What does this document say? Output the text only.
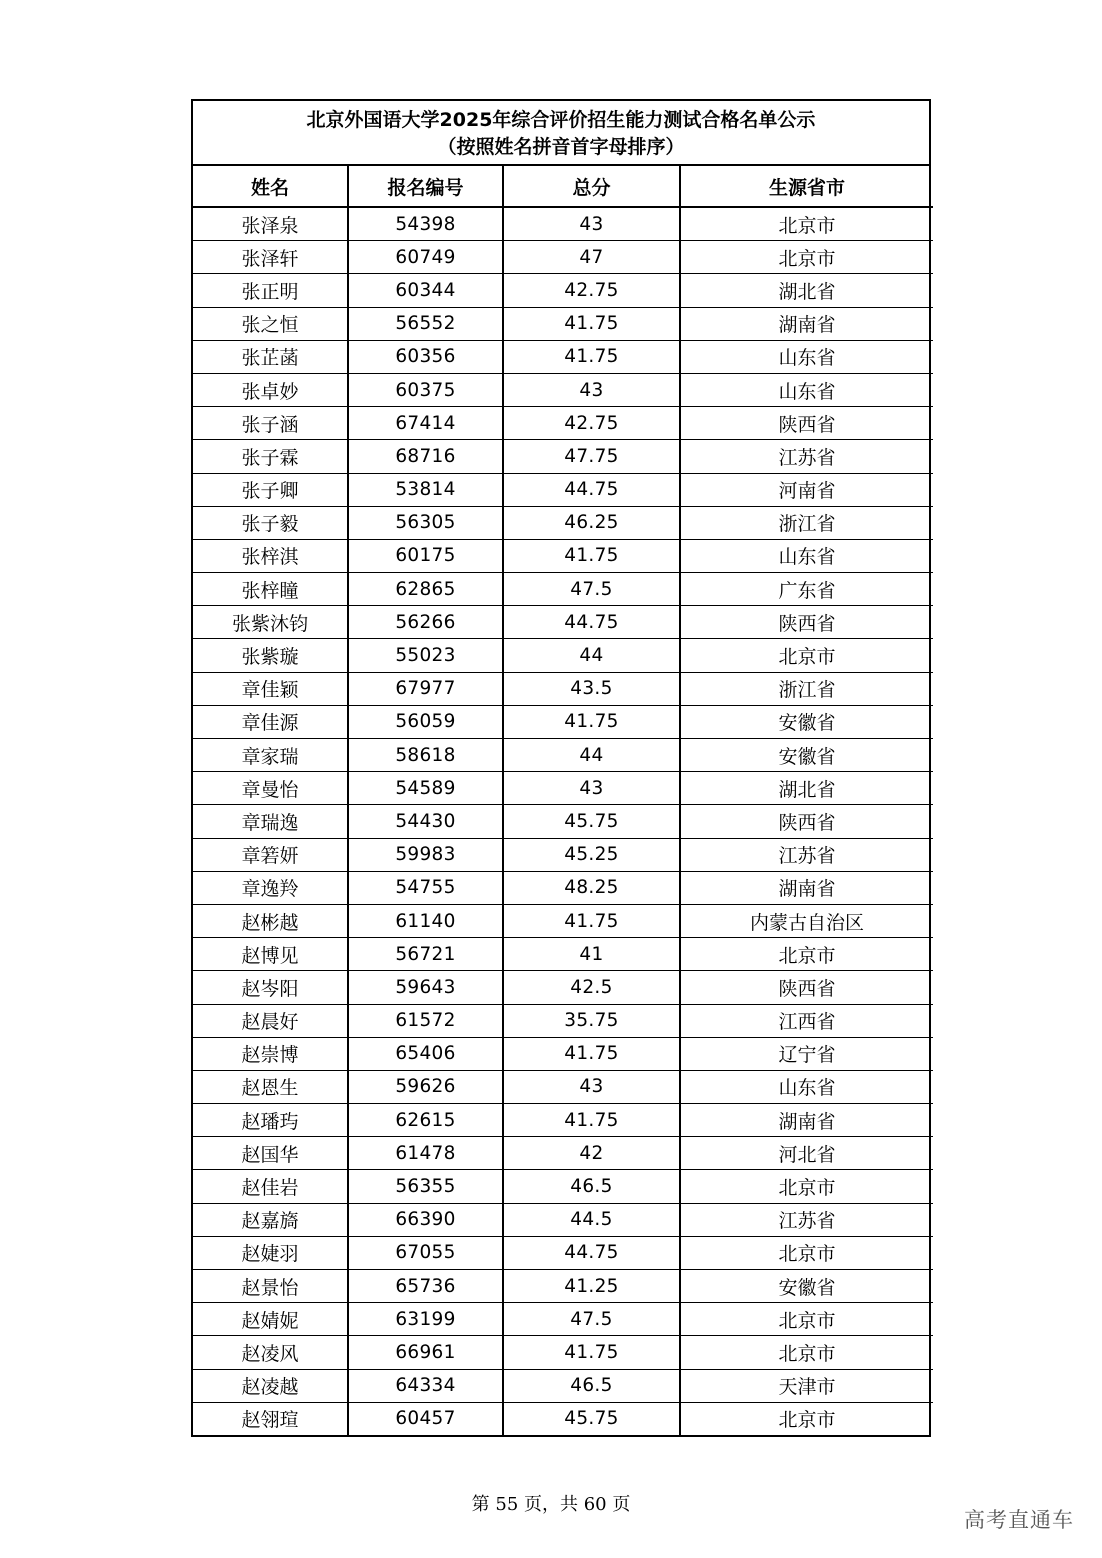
北京外国语大学2025年综合评价招生能力测试合格名单公示
（按照姓名拼音首字母排序）
姓名	报名编号	总分	生源省市
张泽泉	54398	43	北京市
张泽轩	60749	47	北京市
张正明	60344	42.75	湖北省
张之恒	56552	41.75	湖南省
张芷菡	60356	41.75	山东省
张卓妙	60375	43	山东省
张子涵	67414	42.75	陕西省
张子霖	68716	47.75	江苏省
张子卿	53814	44.75	河南省
张子毅	56305	46.25	浙江省
张梓淇	60175	41.75	山东省
张梓瞳	62865	47.5	广东省
张紫沐钧	56266	44.75	陕西省
张紫璇	55023	44	北京市
章佳颖	67977	43.5	浙江省
章佳源	56059	41.75	安徽省
章家瑞	58618	44	安徽省
章曼怡	54589	43	湖北省
章瑞逸	54430	45.75	陕西省
章箬妍	59983	45.25	江苏省
章逸羚	54755	48.25	湖南省
赵彬越	61140	41.75	内蒙古自治区
赵博见	56721	41	北京市
赵岑阳	59643	42.5	陕西省
赵晨好	61572	35.75	江西省
赵崇博	65406	41.75	辽宁省
赵恩生	59626	43	山东省
赵璠玙	62615	41.75	湖南省
赵国华	61478	42	河北省
赵佳岩	56355	46.5	北京市
赵嘉旖	66390	44.5	江苏省
赵婕羽	67055	44.75	北京市
赵景怡	65736	41.25	安徽省
赵婧妮	63199	47.5	北京市
赵凌风	66961	41.75	北京市
赵凌越	64334	46.5	天津市
赵翎瑄	60457	45.75	北京市
第 55 页，共 60 页
高考直通车
